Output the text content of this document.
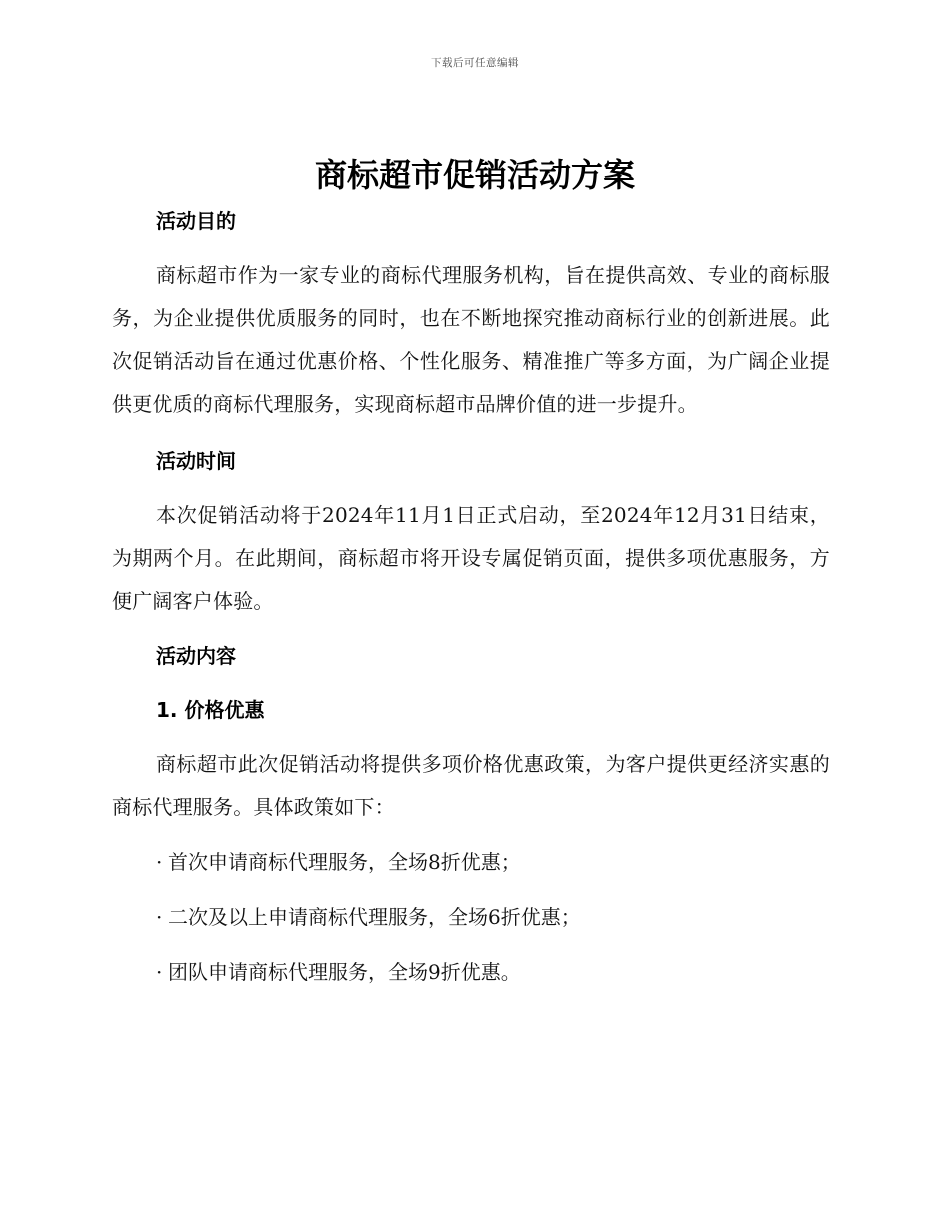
下载后可任意编辑
商标超市促销活动方案
活动目的

商标超市作为一家专业的商标代理服务机构，旨在提供高效、专业的商标服务，为企业提供优质服务的同时，也在不断地探究推动商标行业的创新进展。此次促销活动旨在通过优惠价格、个性化服务、精准推广等多方面，为广阔企业提供更优质的商标代理服务，实现商标超市品牌价值的进一步提升。

活动时间

本次促销活动将于2024年11月1日正式启动，至2024年12月31日结束，为期两个月。在此期间，商标超市将开设专属促销页面，提供多项优惠服务，方便广阔客户体验。

活动内容
1. 价格优惠

商标超市此次促销活动将提供多项价格优惠政策，为客户提供更经济实惠的商标代理服务。具体政策如下：

· 首次申请商标代理服务，全场8折优惠；
· 二次及以上申请商标代理服务，全场6折优惠；
· 团队申请商标代理服务，全场9折优惠。
